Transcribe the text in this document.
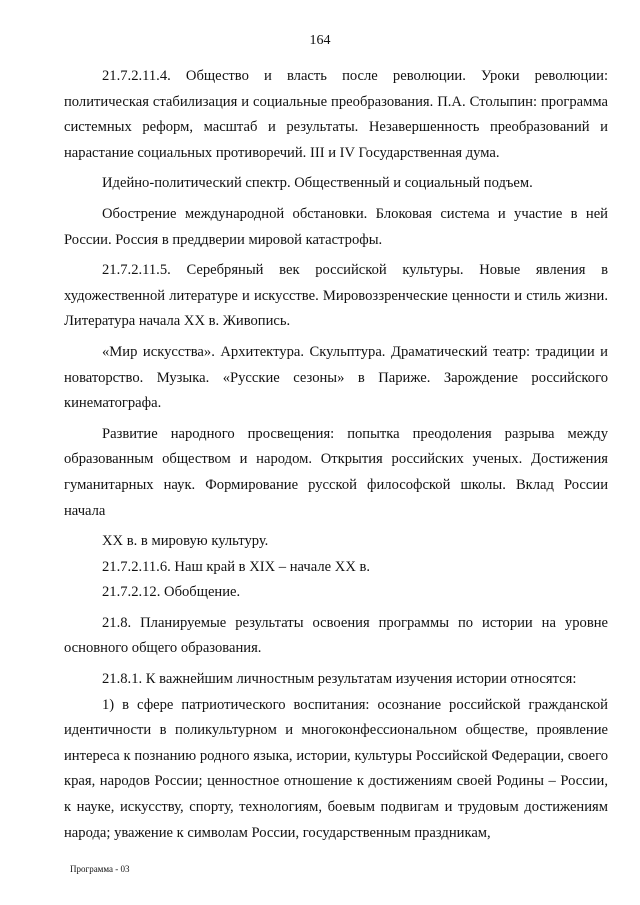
164

21.7.2.11.4. Общество и власть после революции. Уроки революции: политическая стабилизация и социальные преобразования. П.А. Столыпин: программа системных реформ, масштаб и результаты. Незавершенность преобразований и нарастание социальных противоречий. III и IV Государственная дума.

Идейно-политический спектр. Общественный и социальный подъем.

Обострение международной обстановки. Блоковая система и участие в ней России. Россия в преддверии мировой катастрофы.

21.7.2.11.5. Серебряный век российской культуры. Новые явления в художественной литературе и искусстве. Мировоззренческие ценности и стиль жизни. Литература начала XX в. Живопись.

«Мир искусства». Архитектура. Скульптура. Драматический театр: традиции и новаторство. Музыка. «Русские сезоны» в Париже. Зарождение российского кинематографа.

Развитие народного просвещения: попытка преодоления разрыва между образованным обществом и народом. Открытия российских ученых. Достижения гуманитарных наук. Формирование русской философской школы. Вклад России начала

XX в. в мировую культуру.

21.7.2.11.6. Наш край в XIX – начале XX в.

21.7.2.12. Обобщение.

21.8. Планируемые результаты освоения программы по истории на уровне основного общего образования.

21.8.1. К важнейшим личностным результатам изучения истории относятся:

1) в сфере патриотического воспитания: осознание российской гражданской идентичности в поликультурном и многоконфессиональном обществе, проявление интереса к познанию родного языка, истории, культуры Российской Федерации, своего края, народов России; ценностное отношение к достижениям своей Родины – России, к науке, искусству, спорту, технологиям, боевым подвигам и трудовым достижениям народа; уважение к символам России, государственным праздникам,

Программа - 03
